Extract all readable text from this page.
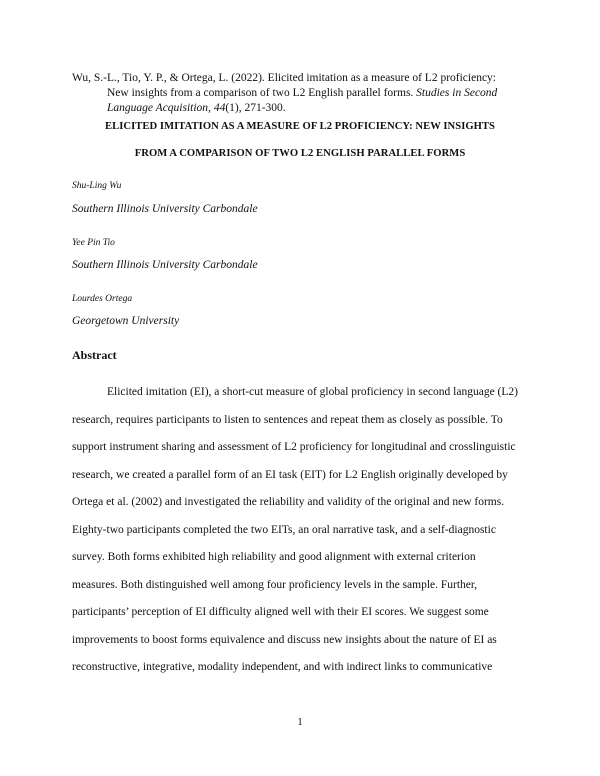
Wu, S.-L., Tio, Y. P., & Ortega, L. (2022). Elicited imitation as a measure of L2 proficiency:
New insights from a comparison of two L2 English parallel forms. Studies in Second
Language Acquisition, 44(1), 271-300.
ELICITED IMITATION AS A MEASURE OF L2 PROFICIENCY: NEW INSIGHTS
FROM A COMPARISON OF TWO L2 ENGLISH PARALLEL FORMS
Shu-Ling Wu
Southern Illinois University Carbondale
Yee Pin Tio
Southern Illinois University Carbondale
Lourdes Ortega
Georgetown University
Abstract

Elicited imitation (EI), a short-cut measure of global proficiency in second language (L2)
research, requires participants to listen to sentences and repeat them as closely as possible. To
support instrument sharing and assessment of L2 proficiency for longitudinal and crosslinguistic
research, we created a parallel form of an EI task (EIT) for L2 English originally developed by
Ortega et al. (2002) and investigated the reliability and validity of the original and new forms.
Eighty-two participants completed the two EITs, an oral narrative task, and a self-diagnostic
survey. Both forms exhibited high reliability and good alignment with external criterion
measures. Both distinguished well among four proficiency levels in the sample. Further,
participants’ perception of EI difficulty aligned well with their EI scores. We suggest some
improvements to boost forms equivalence and discuss new insights about the nature of EI as
reconstructive, integrative, modality independent, and with indirect links to communicative

1
